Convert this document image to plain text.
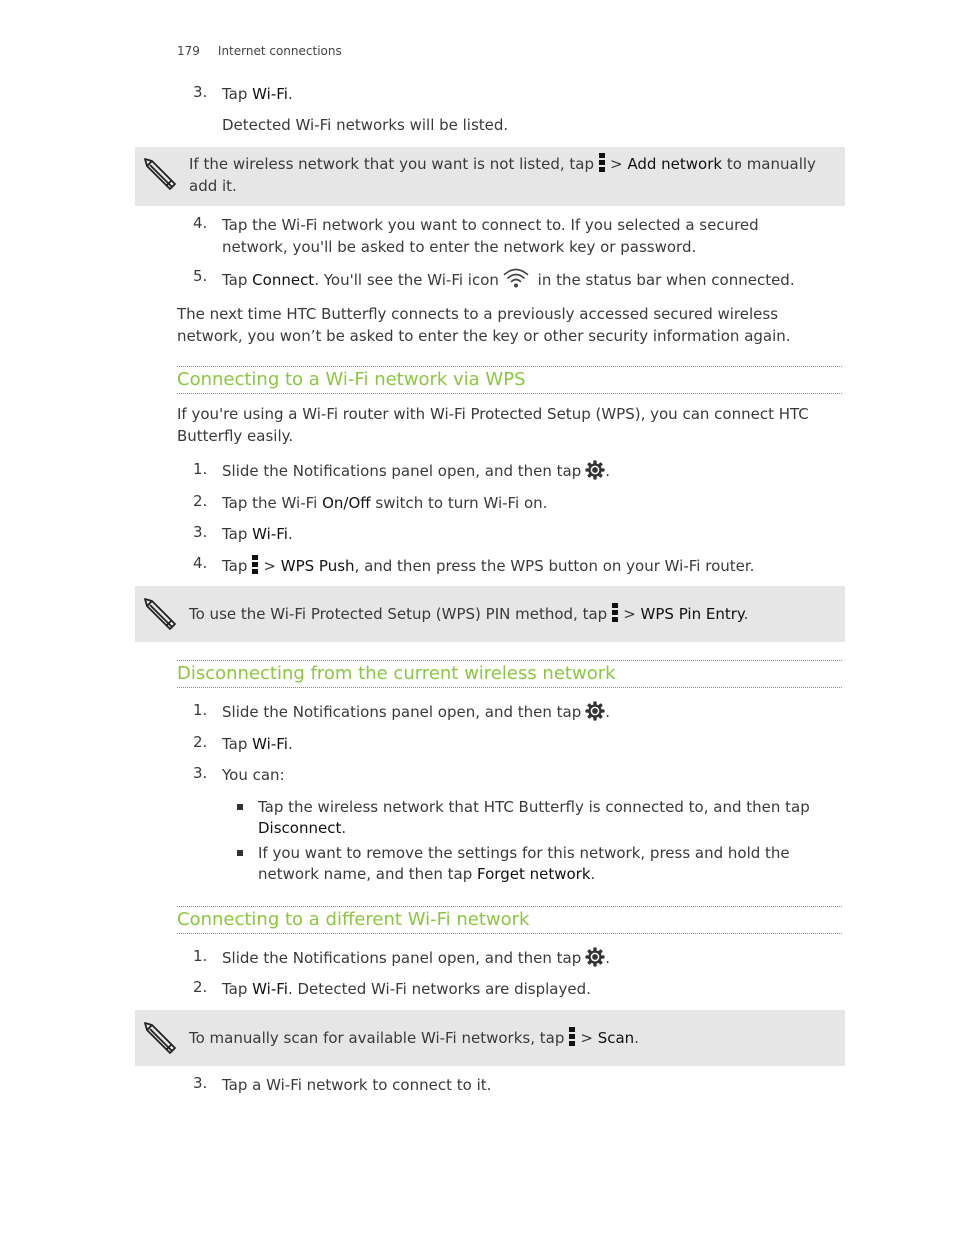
179 Internet connections
3. Tap Wi-Fi.
Detected Wi-Fi networks will be listed.
If the wireless network that you want is not listed, tap > Add network to manually
add it.
4. Tap the Wi-Fi network you want to connect to. If you selected a secured
network, you'll be asked to enter the network key or password.
5. Tap Connect. You'll see the Wi-Fi icon in the status bar when connected.
The next time HTC Butterfly connects to a previously accessed secured wireless network, you won’t be asked to enter the key or other security information again.
Connecting to a Wi-Fi network via WPS
If you're using a Wi-Fi router with Wi-Fi Protected Setup (WPS), you can connect HTC Butterfly easily.
1. Slide the Notifications panel open, and then tap .
2. Tap the Wi-Fi On/Off switch to turn Wi-Fi on.
3. Tap Wi-Fi.
4. Tap > WPS Push, and then press the WPS button on your Wi-Fi router.
To use the Wi-Fi Protected Setup (WPS) PIN method, tap > WPS Pin Entry.
Disconnecting from the current wireless network
1. Slide the Notifications panel open, and then tap .
2. Tap Wi-Fi.
3. You can:
Tap the wireless network that HTC Butterfly is connected to, and then tap Disconnect.
If you want to remove the settings for this network, press and hold the network name, and then tap Forget network.
Connecting to a different Wi-Fi network
1. Slide the Notifications panel open, and then tap .
2. Tap Wi-Fi. Detected Wi-Fi networks are displayed.
To manually scan for available Wi-Fi networks, tap > Scan.
3. Tap a Wi-Fi network to connect to it.
